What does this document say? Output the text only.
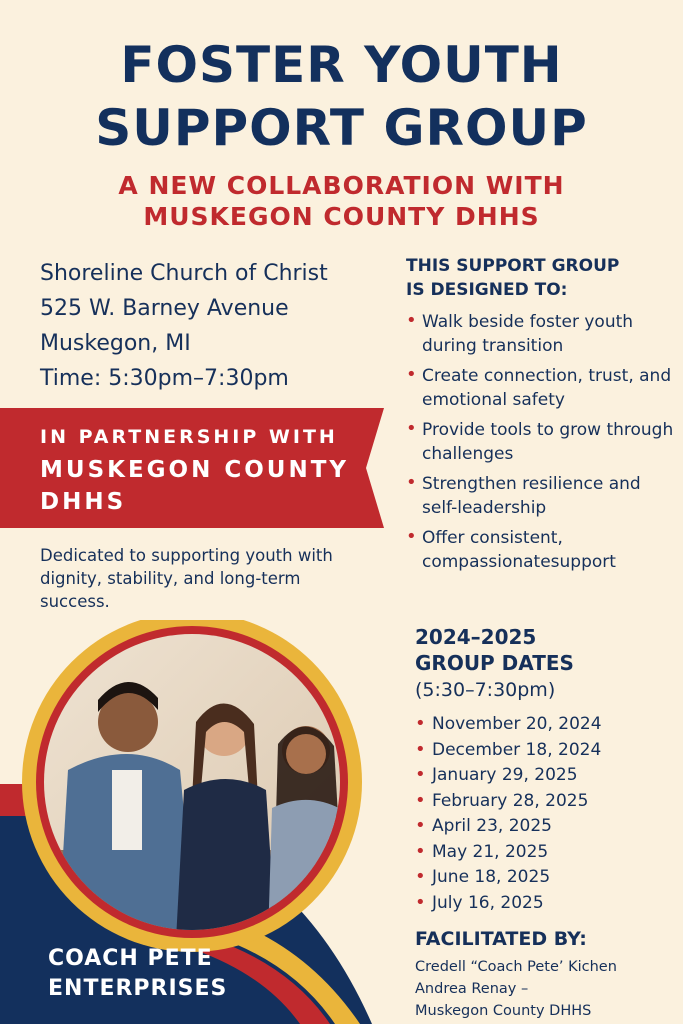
FOSTER YOUTH
SUPPORT GROUP
A NEW COLLABORATION WITH
MUSKEGON COUNTY DHHS
Shoreline Church of Christ
525 W. Barney Avenue
Muskegon, MI
Time: 5:30pm–7:30pm
IN PARTNERSHIP WITH
MUSKEGON COUNTY DHHS
Dedicated to supporting youth with dignity, stability, and long-term success.
THIS SUPPORT GROUP
IS DESIGNED TO:
• Walk beside foster youth during transition
• Create connection, trust, and emotional safety
• Provide tools to grow through challenges
• Strengthen resilience and self-leadership
• Offer consistent, compassionatesupport
2024–2025
GROUP DATES
(5:30–7:30pm)
• November 20, 2024
• December 18, 2024
• January 29, 2025
• February 28, 2025
• April 23, 2025
• May 21, 2025
• June 18, 2025
• July 16, 2025
FACILITATED BY:
Credell “Coach Pete’ Kichen
Andrea Renay –
Muskegon County DHHS
COACH PETE
ENTERPRISES
